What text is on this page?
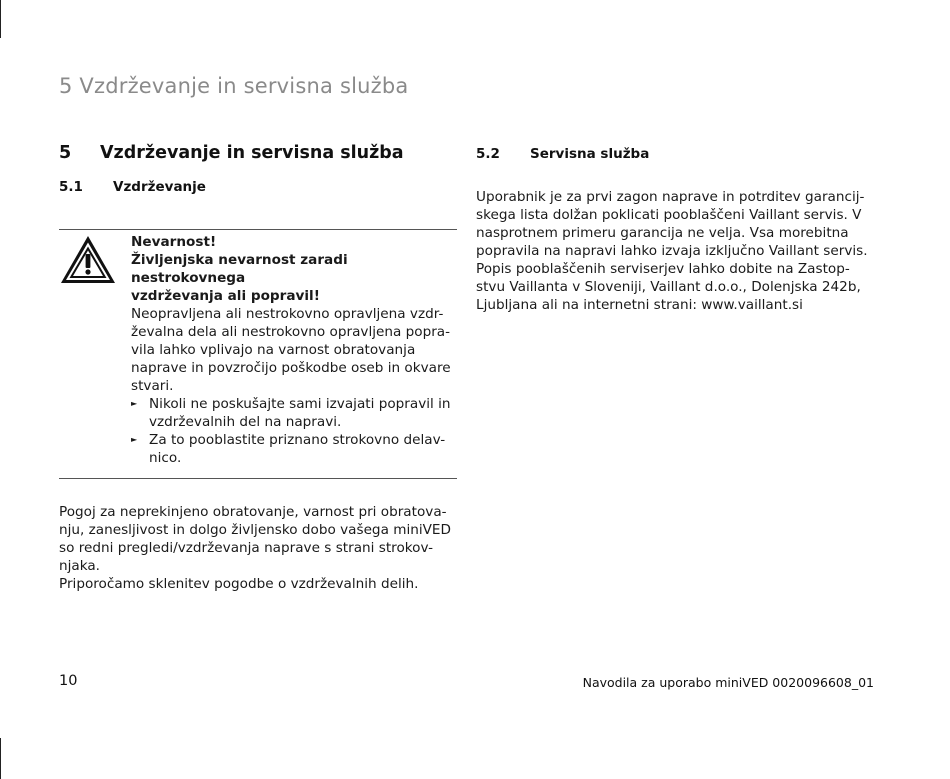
5 Vzdrževanje in servisna služba
5	Vzdrževanje in servisna služba
5.1	Vzdrževanje
Nevarnost!
Življenjska nevarnost zaradi nestrokovnega
vzdrževanja ali popravil!
Neopravljena ali nestrokovno opravljena vzdr-
ževalna dela ali nestrokovno opravljena popra-
vila lahko vplivajo na varnost obratovanja
naprave in povzročijo poškodbe oseb in okvare
stvari.
► Nikoli ne poskušajte sami izvajati popravil in
vzdrževalnih del na napravi.
► Za to pooblastite priznano strokovno delav-
nico.
Pogoj za neprekinjeno obratovanje, varnost pri obratova-
nju, zanesljivost in dolgo življensko dobo vašega miniVED
so redni pregledi/vzdrževanja naprave s strani strokov-
njaka.
Priporočamo sklenitev pogodbe o vzdrževalnih delih.
5.2	Servisna služba
Uporabnik je za prvi zagon naprave in potrditev garancij-
skega lista dolžan poklicati pooblaščeni Vaillant servis. V
nasprotnem primeru garancija ne velja. Vsa morebitna
popravila na napravi lahko izvaja izključno Vaillant servis.
Popis pooblaščenih serviserjev lahko dobite na Zastop-
stvu Vaillanta v Sloveniji, Vaillant d.o.o., Dolenjska 242b,
Ljubljana ali na internetni strani: www.vaillant.si
10	Navodila za uporabo miniVED 0020096608_01
